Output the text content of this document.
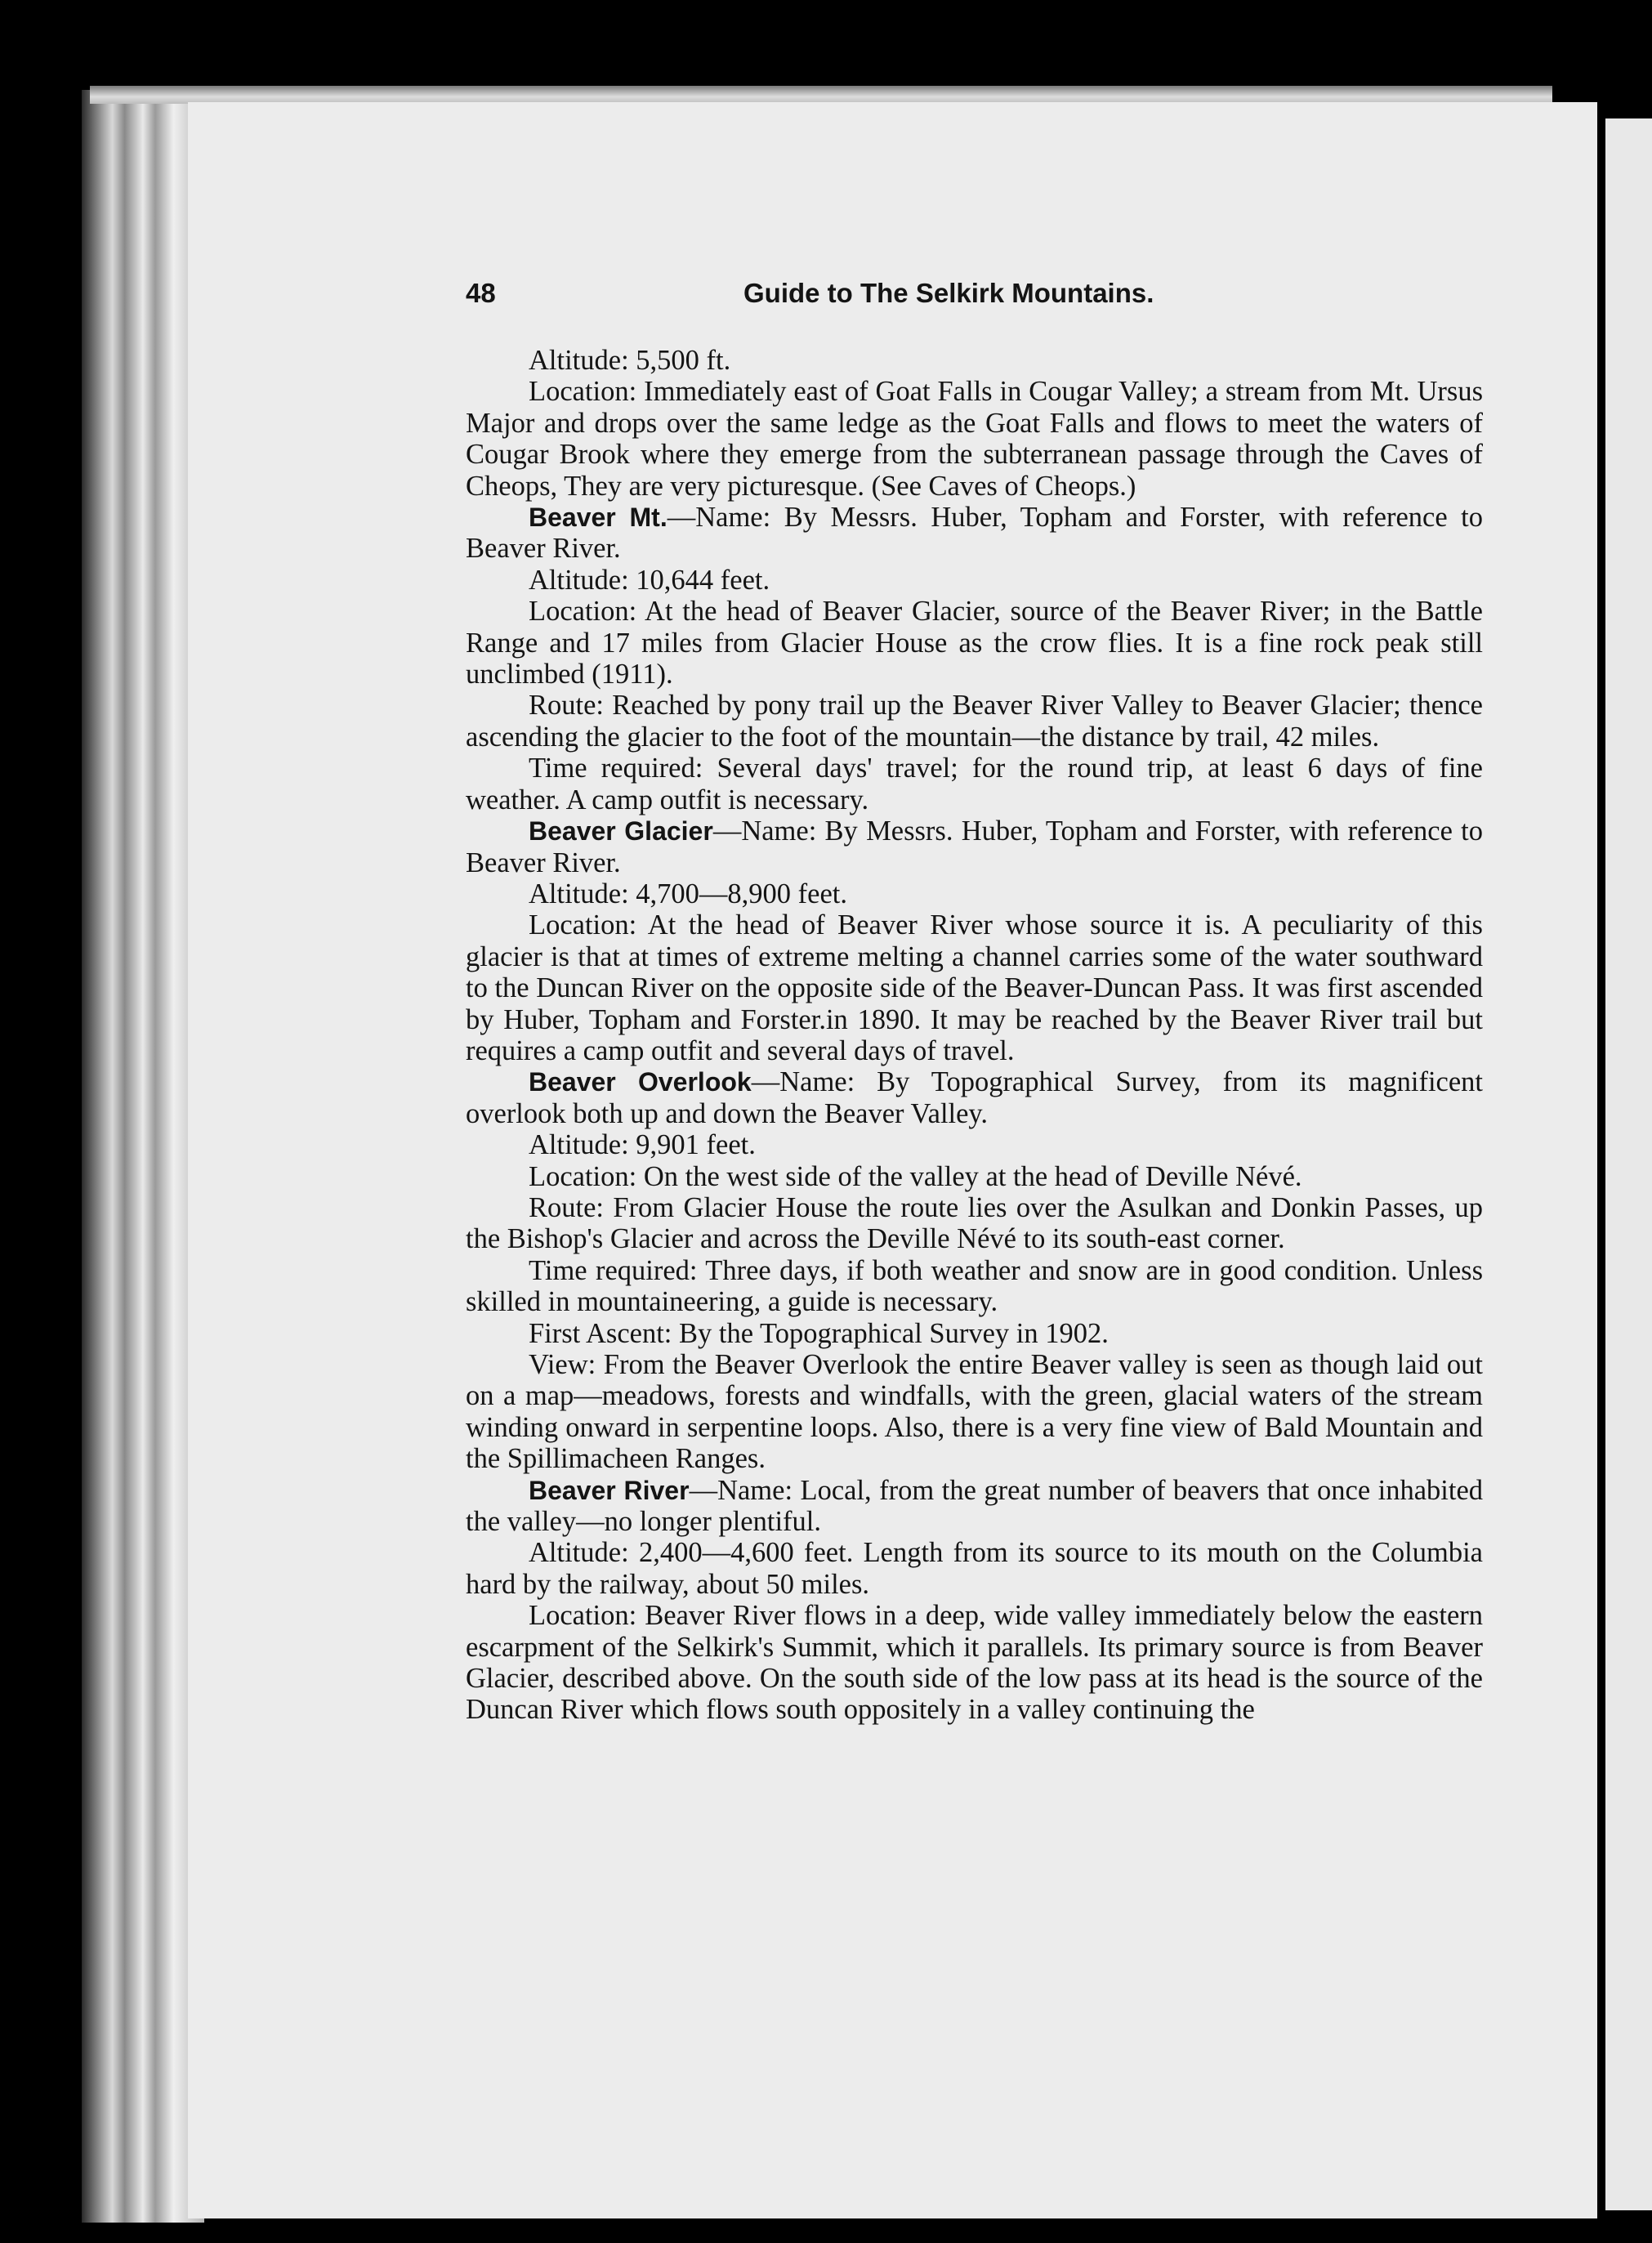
48	Guide to The Selkirk Mountains.

Altitude: 5,500 ft.

Location: Immediately east of Goat Falls in Cougar Valley; a stream from Mt. Ursus Major and drops over the same ledge as the Goat Falls and flows to meet the waters of Cougar Brook where they emerge from the subterranean passage through the Caves of Cheops, They are very picturesque. (See Caves of Cheops.)

Beaver Mt.—Name: By Messrs. Huber, Topham and Forster, with reference to Beaver River.

Altitude: 10,644 feet.

Location: At the head of Beaver Glacier, source of the Beaver River; in the Battle Range and 17 miles from Glacier House as the crow flies. It is a fine rock peak still unclimbed (1911).

Route: Reached by pony trail up the Beaver River Valley to Beaver Glacier; thence ascending the glacier to the foot of the mountain—the distance by trail, 42 miles.

Time required: Several days' travel; for the round trip, at least 6 days of fine weather. A camp outfit is necessary.

Beaver Glacier—Name: By Messrs. Huber, Topham and Forster, with reference to Beaver River.

Altitude: 4,700—8,900 feet.

Location: At the head of Beaver River whose source it is. A peculiarity of this glacier is that at times of extreme melting a channel carries some of the water southward to the Duncan River on the opposite side of the Beaver-Duncan Pass. It was first ascended by Huber, Topham and Forster.in 1890. It may be reached by the Beaver River trail but requires a camp outfit and several days of travel.

Beaver Overlook—Name: By Topographical Survey, from its magnificent overlook both up and down the Beaver Valley.

Altitude: 9,901 feet.

Location: On the west side of the valley at the head of Deville Névé.

Route: From Glacier House the route lies over the Asulkan and Donkin Passes, up the Bishop's Glacier and across the Deville Névé to its south-east corner.

Time required: Three days, if both weather and snow are in good condition. Unless skilled in mountaineering, a guide is necessary.

First Ascent: By the Topographical Survey in 1902.

View: From the Beaver Overlook the entire Beaver valley is seen as though laid out on a map—meadows, forests and windfalls, with the green, glacial waters of the stream winding onward in serpentine loops. Also, there is a very fine view of Bald Mountain and the Spillimacheen Ranges.

Beaver River—Name: Local, from the great number of beavers that once inhabited the valley—no longer plentiful.

Altitude: 2,400—4,600 feet. Length from its source to its mouth on the Columbia hard by the railway, about 50 miles.

Location: Beaver River flows in a deep, wide valley immediately below the eastern escarpment of the Selkirk's Summit, which it parallels. Its primary source is from Beaver Glacier, described above. On the south side of the low pass at its head is the source of the Duncan River which flows south oppositely in a valley continuing the
